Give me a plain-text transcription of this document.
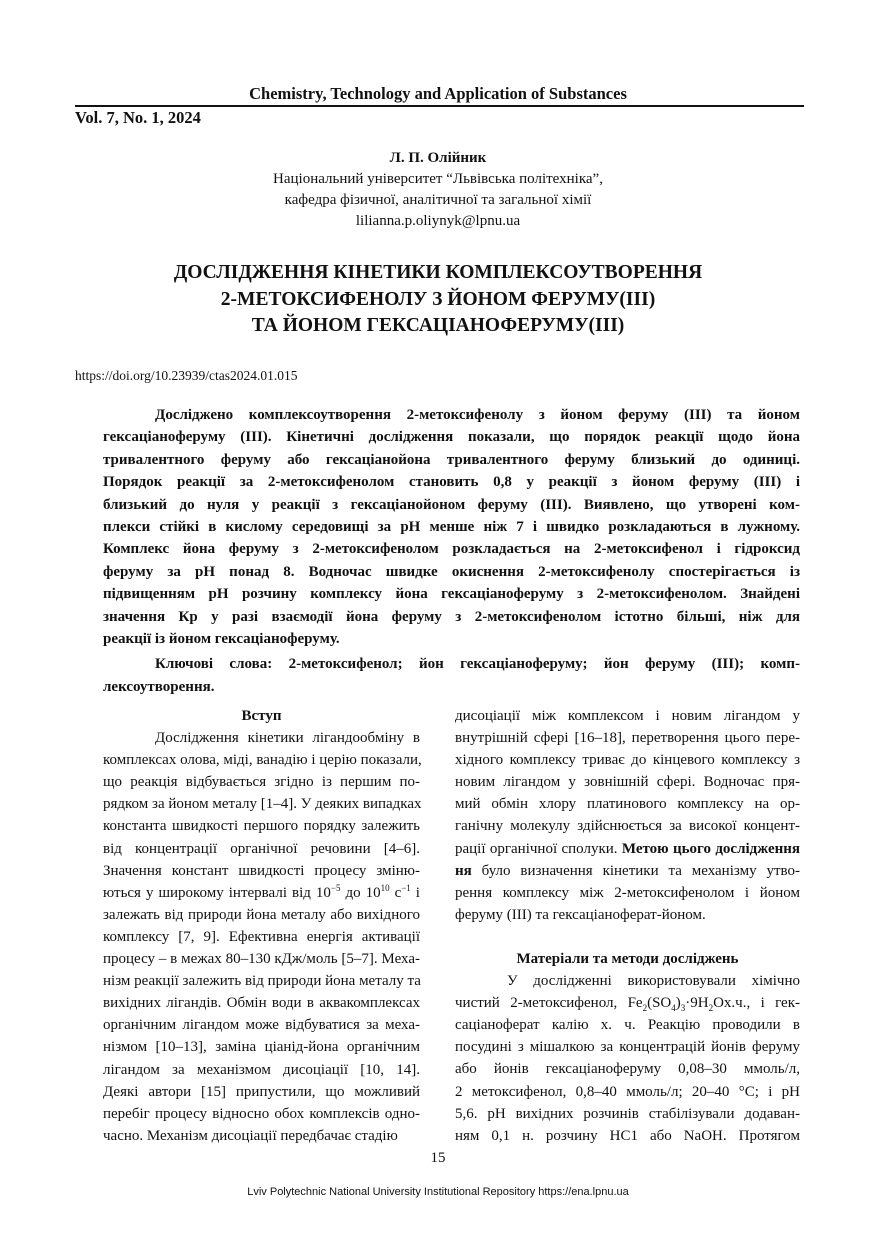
Chemistry, Technology and Application of Substances
Vol. 7, No. 1, 2024
Л. П. Олійник
Національний університет “Львівська політехніка”,
кафедра фізичної, аналітичної та загальної хімії
lilianna.p.oliynyk@lpnu.ua
ДОСЛІДЖЕННЯ КІНЕТИКИ КОМПЛЕКСОУТВОРЕННЯ
2-МЕТОКСИФЕНОЛУ З ЙОНОМ ФЕРУМУ(III)
ТА ЙОНОМ ГЕКСАЦІАНОФЕРУМУ(III)
https://doi.org/10.23939/ctas2024.01.015
Досліджено комплексоутворення 2-метоксифенолу з йоном феруму (III) та йоном
гексаціаноферуму (III). Кінетичні дослідження показали, що порядок реакції щодо йона
тривалентного феруму або гексаціанойона тривалентного феруму близький до одиниці.
Порядок реакції за 2-метоксифенолом становить 0,8 у реакції з йоном феруму (III) і
близький до нуля у реакції з гексаціанойоном феруму (III). Виявлено, що утворені ком-
плекси стійкі в кислому середовищі за рН менше ніж 7 і швидко розкладаються в лужному.
Комплекс йона феруму з 2-метоксифенолом розкладається на 2-метоксифенол і гідроксид
феруму за рН понад 8. Водночас швидке окиснення 2-метоксифенолу спостерігається із
підвищенням рН розчину комплексу йона гексаціаноферуму з 2-метоксифенолом. Знайдені
значення Кр у разі взаємодії йона феруму з 2-метоксифенолом істотно більші, ніж для
реакції із йоном гексаціаноферуму.
Ключові слова: 2-метоксифенол; йон гексаціаноферуму; йон феруму (III); комп-
лексоутворення.
Вступ
Дослідження кінетики лігандообміну в
комплексах олова, міді, ванадію і церію показали,
що реакція відбувається згідно із першим по-
рядком за йоном металу [1–4]. У деяких випадках
константа швидкості першого порядку залежить
від концентрації органічної речовини [4–6].
Значення констант швидкості процесу зміню-
ються у широкому інтервалі від $10^{-5}$ до $10^{10}$ $с^{-1}$ і
залежать від природи йона металу або вихідного
комплексу [7, 9]. Ефективна енергія активації
процесу – в межах 80–130 кДж/моль [5–7]. Меха-
нізм реакції залежить від природи йона металу та
вихідних лігандів. Обмін води в аквакомплексах
органічним лігандом може відбуватися за меха-
нізмом [10–13], заміна ціанід-йона органічним
лігандом за механізмом дисоціації [10, 14].
Деякі автори [15] припустили, що можливий
перебіг процесу відносно обох комплексів одно-
часно. Механізм дисоціації передбачає стадію
дисоціації між комплексом і новим лігандом у
внутрішній сфері [16–18], перетворення цього пере-
хідного комплексу триває до кінцевого комплексу з
новим лігандом у зовнішній сфері. Водночас пря-
мий обмін хлору платинового комплексу на ор-
ганічну молекулу здійснюється за високої концент-
рації органічної сполуки. Метою цього дослідження
ня було визначення кінетики та механізму утво-
рення комплексу між 2-метоксифенолом і йоном
феруму (III) та гексаціаноферат-йоном.
Матеріали та методи досліджень
У дослідженні використовували хімічно
чистий 2-метоксифенол, $Fe_2(SO_4)_3\cdot 9H_2Ox.ч$., і гек-
саціаноферат калію х. ч. Реакцію проводили в
посудині з мішалкою за концентрацій йонів феруму
або йонів гексаціаноферуму 0,08–30 ммоль/л,
2 метоксифенол, 0,8–40 ммоль/л; 20–40 °С; і рН
5,6. рН вихідних розчинів стабілізували додаван-
ням 0,1 н. розчину НС1 або NaOH. Протягом
15
Lviv Polytechnic National University Institutional Repository https://ena.lpnu.ua
